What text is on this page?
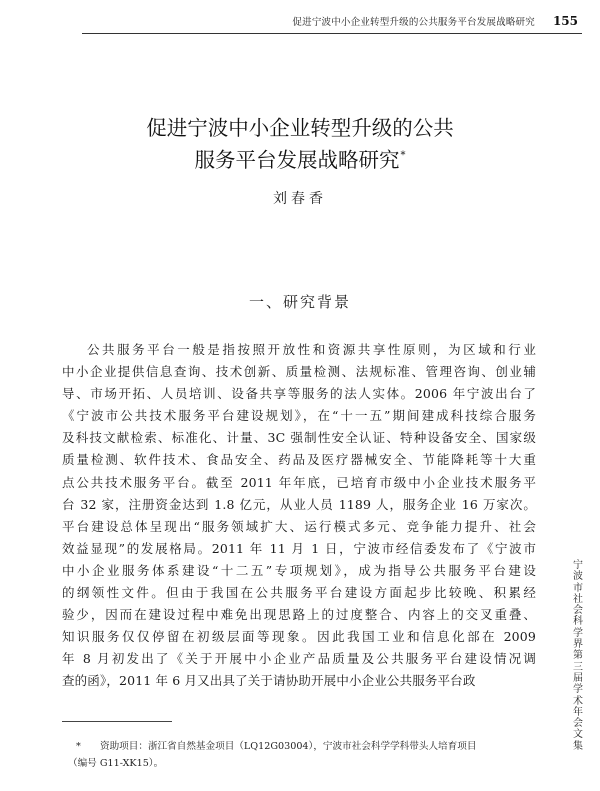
促进宁波中小企业转型升级的公共服务平台发展战略研究 155
促进宁波中小企业转型升级的公共
服务平台发展战略研究*
刘春香
一、研究背景

公共服务平台一般是指按照开放性和资源共享性原则，为区域和行业
中小企业提供信息查询、技术创新、质量检测、法规标准、管理咨询、创业辅
导、市场开拓、人员培训、设备共享等服务的法人实体。2006 年宁波出台了
《宁波市公共技术服务平台建设规划》，在“十一五”期间建成科技综合服务
及科技文献检索、标准化、计量、3C 强制性安全认证、特种设备安全、国家级
质量检测、软件技术、食品安全、药品及医疗器械安全、节能降耗等十大重
点公共技术服务平台。截至 2011 年年底，已培育市级中小企业技术服务平
台 32 家，注册资金达到 1.8 亿元，从业人员 1189 人，服务企业 16 万家次。
平台建设总体呈现出“服务领域扩大、运行模式多元、竞争能力提升、社会
效益显现”的发展格局。2011 年 11 月 1 日，宁波市经信委发布了《宁波市
中小企业服务体系建设“十二五”专项规划》，成为指导公共服务平台建设
的纲领性文件。但由于我国在公共服务平台建设方面起步比较晚、积累经
验少，因而在建设过程中难免出现思路上的过度整合、内容上的交叉重叠、
知识服务仅仅停留在初级层面等现象。因此我国工业和信息化部在 2009
年 8 月初发出了《关于开展中小企业产品质量及公共服务平台建设情况调
查的函》，2011 年 6 月又出具了关于请协助开展中小企业公共服务平台政

* 资助项目：浙江省自然基金项目（LQ12G03004），宁波市社会科学学科带头人培育项目
（编号 G11-XK15）。

宁波市社会科学界第三届学术年会文集
